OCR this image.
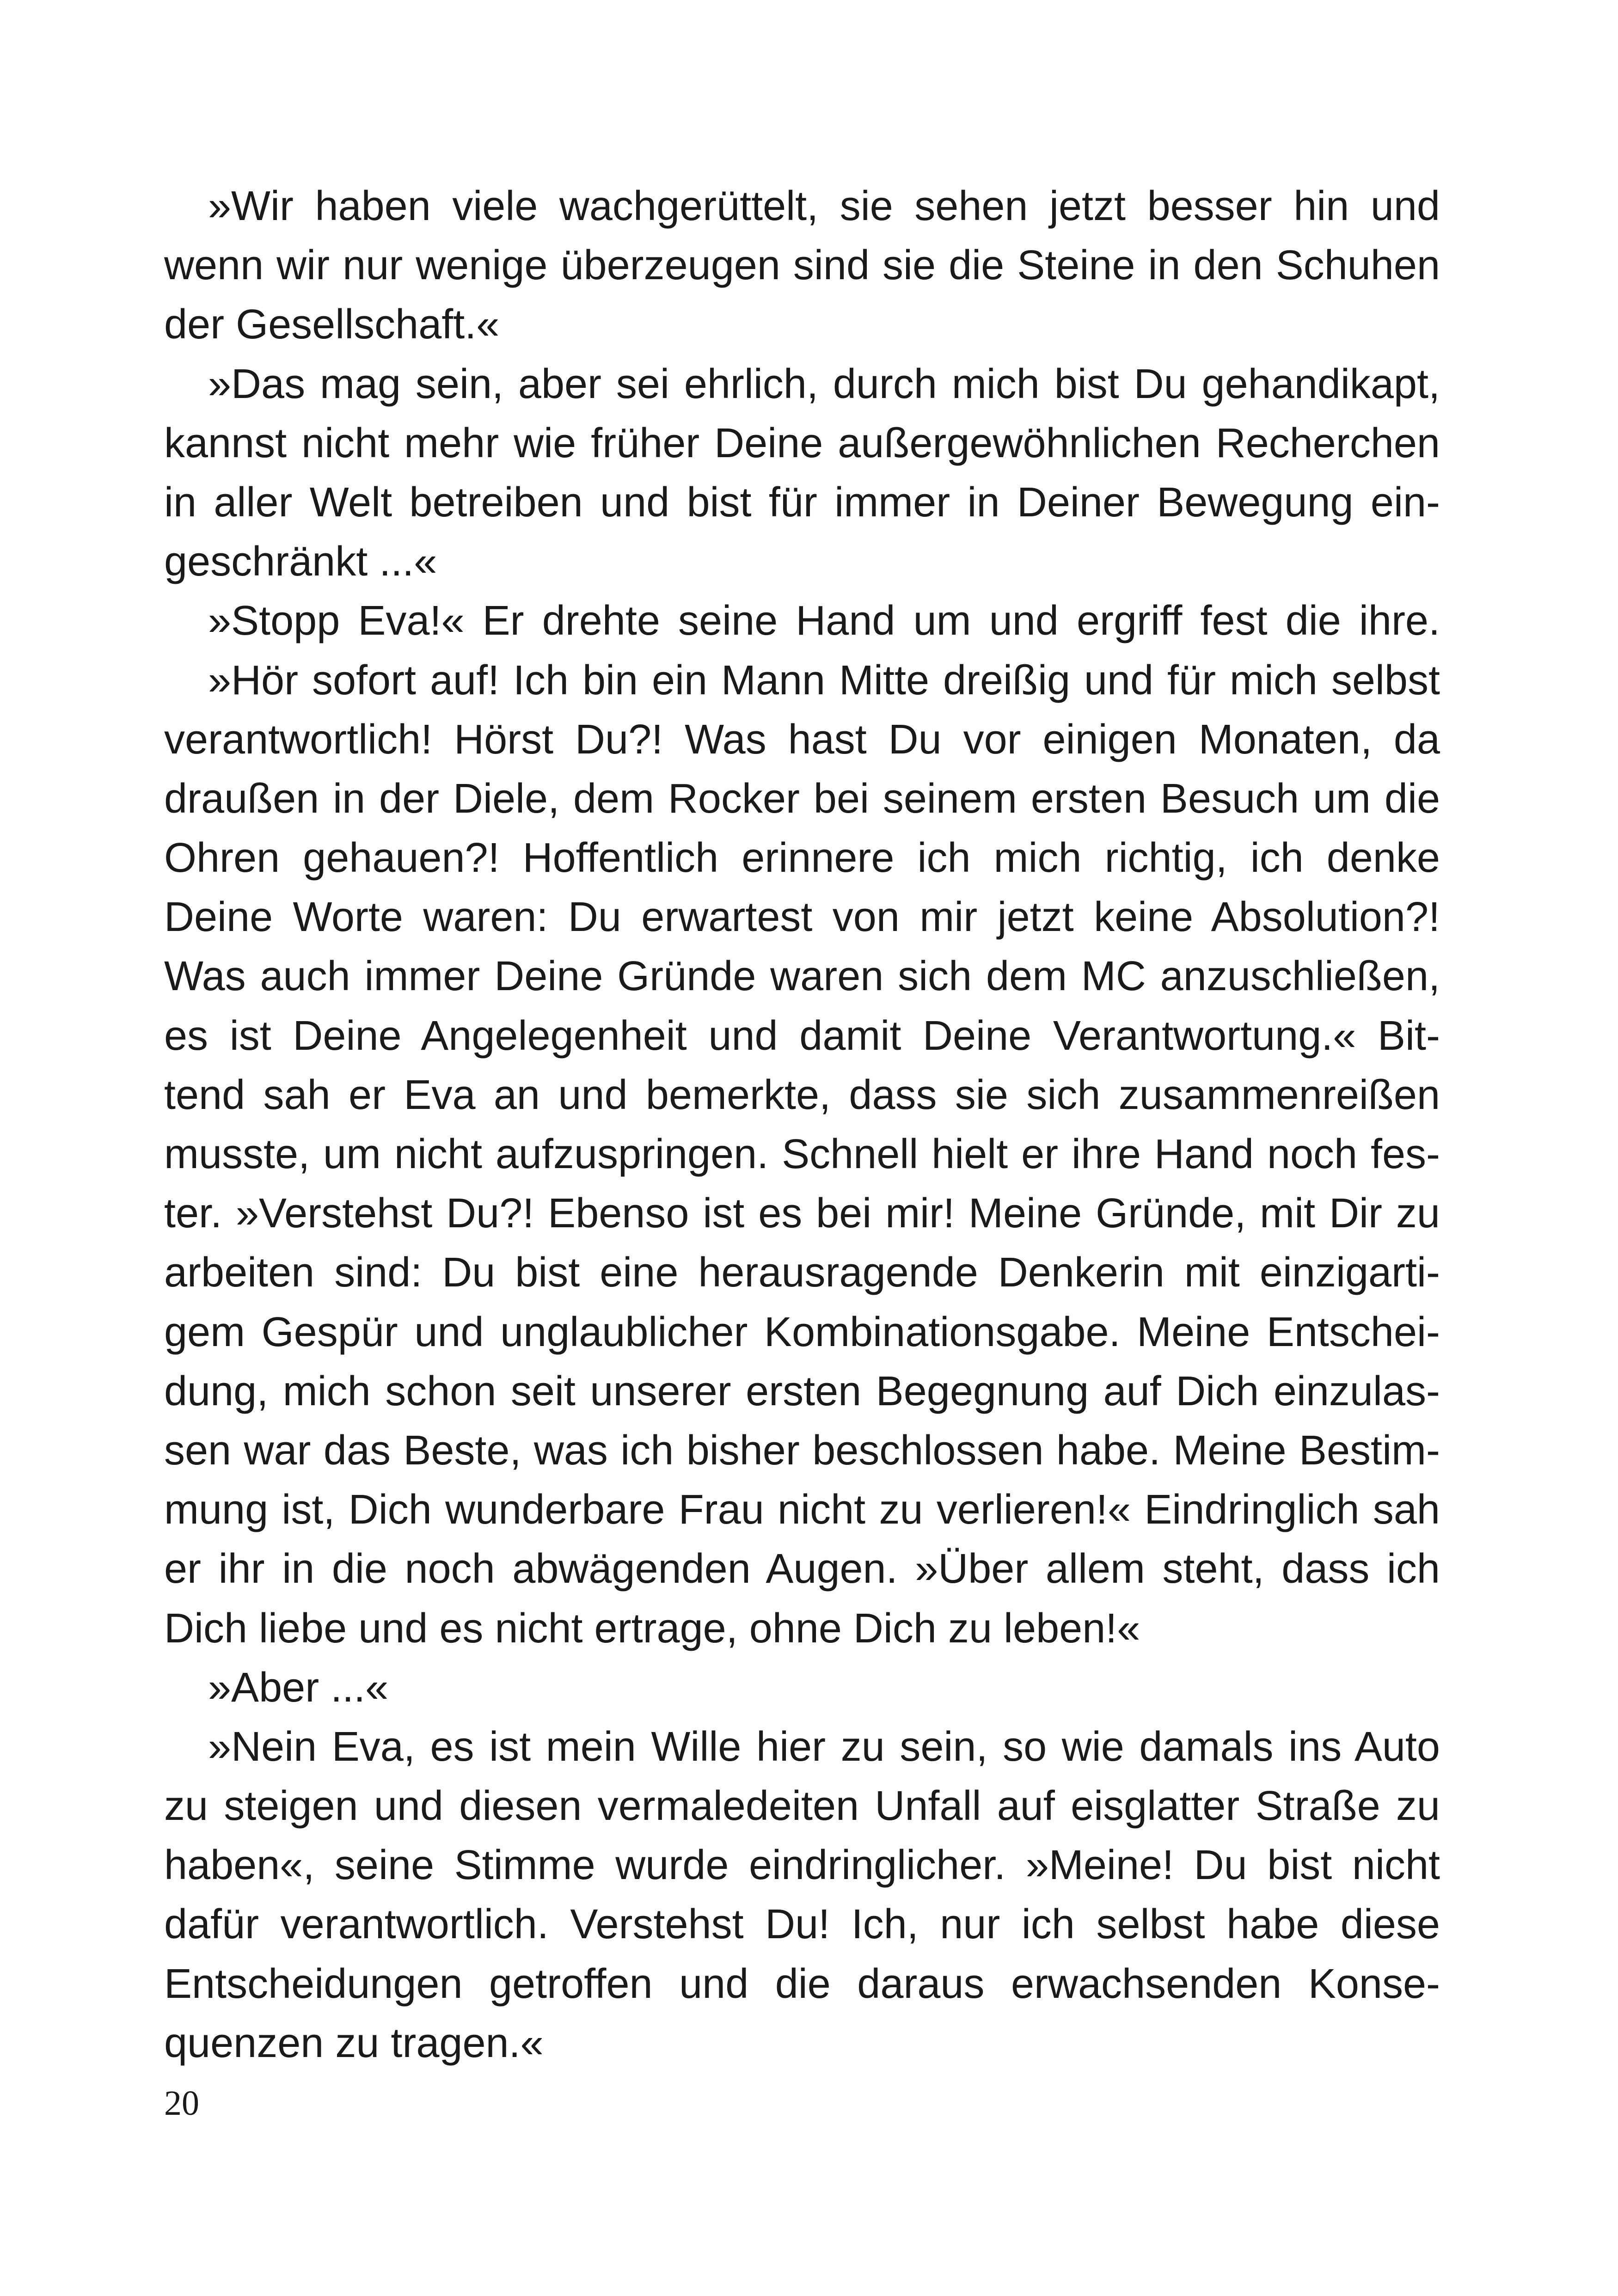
»Wir haben viele wachgerüttelt, sie sehen jetzt besser hin und
wenn wir nur wenige überzeugen sind sie die Steine in den Schuhen
der Gesellschaft.«
»Das mag sein, aber sei ehrlich, durch mich bist Du gehandikapt,
kannst nicht mehr wie früher Deine außergewöhnlichen Recherchen
in aller Welt betreiben und bist für immer in Deiner Bewegung ein-
geschränkt ...«
»Stopp Eva!« Er drehte seine Hand um und ergriff fest die ihre.
»Hör sofort auf! Ich bin ein Mann Mitte dreißig und für mich selbst
verantwortlich! Hörst Du?! Was hast Du vor einigen Monaten, da
draußen in der Diele, dem Rocker bei seinem ersten Besuch um die
Ohren gehauen?! Hoffentlich erinnere ich mich richtig, ich denke
Deine Worte waren: Du erwartest von mir jetzt keine Absolution?!
Was auch immer Deine Gründe waren sich dem MC anzuschließen,
es ist Deine Angelegenheit und damit Deine Verantwortung.« Bit-
tend sah er Eva an und bemerkte, dass sie sich zusammenreißen
musste, um nicht aufzuspringen. Schnell hielt er ihre Hand noch fes-
ter. »Verstehst Du?! Ebenso ist es bei mir! Meine Gründe, mit Dir zu
arbeiten sind: Du bist eine herausragende Denkerin mit einzigarti-
gem Gespür und unglaublicher Kombinationsgabe. Meine Entschei-
dung, mich schon seit unserer ersten Begegnung auf Dich einzulas-
sen war das Beste, was ich bisher beschlossen habe. Meine Bestim-
mung ist, Dich wunderbare Frau nicht zu verlieren!« Eindringlich sah
er ihr in die noch abwägenden Augen. »Über allem steht, dass ich
Dich liebe und es nicht ertrage, ohne Dich zu leben!«
»Aber ...«
»Nein Eva, es ist mein Wille hier zu sein, so wie damals ins Auto
zu steigen und diesen vermaledeiten Unfall auf eisglatter Straße zu
haben«, seine Stimme wurde eindringlicher. »Meine! Du bist nicht
dafür verantwortlich. Verstehst Du! Ich, nur ich selbst habe diese
Entscheidungen getroffen und die daraus erwachsenden Konse-
quenzen zu tragen.«
20
